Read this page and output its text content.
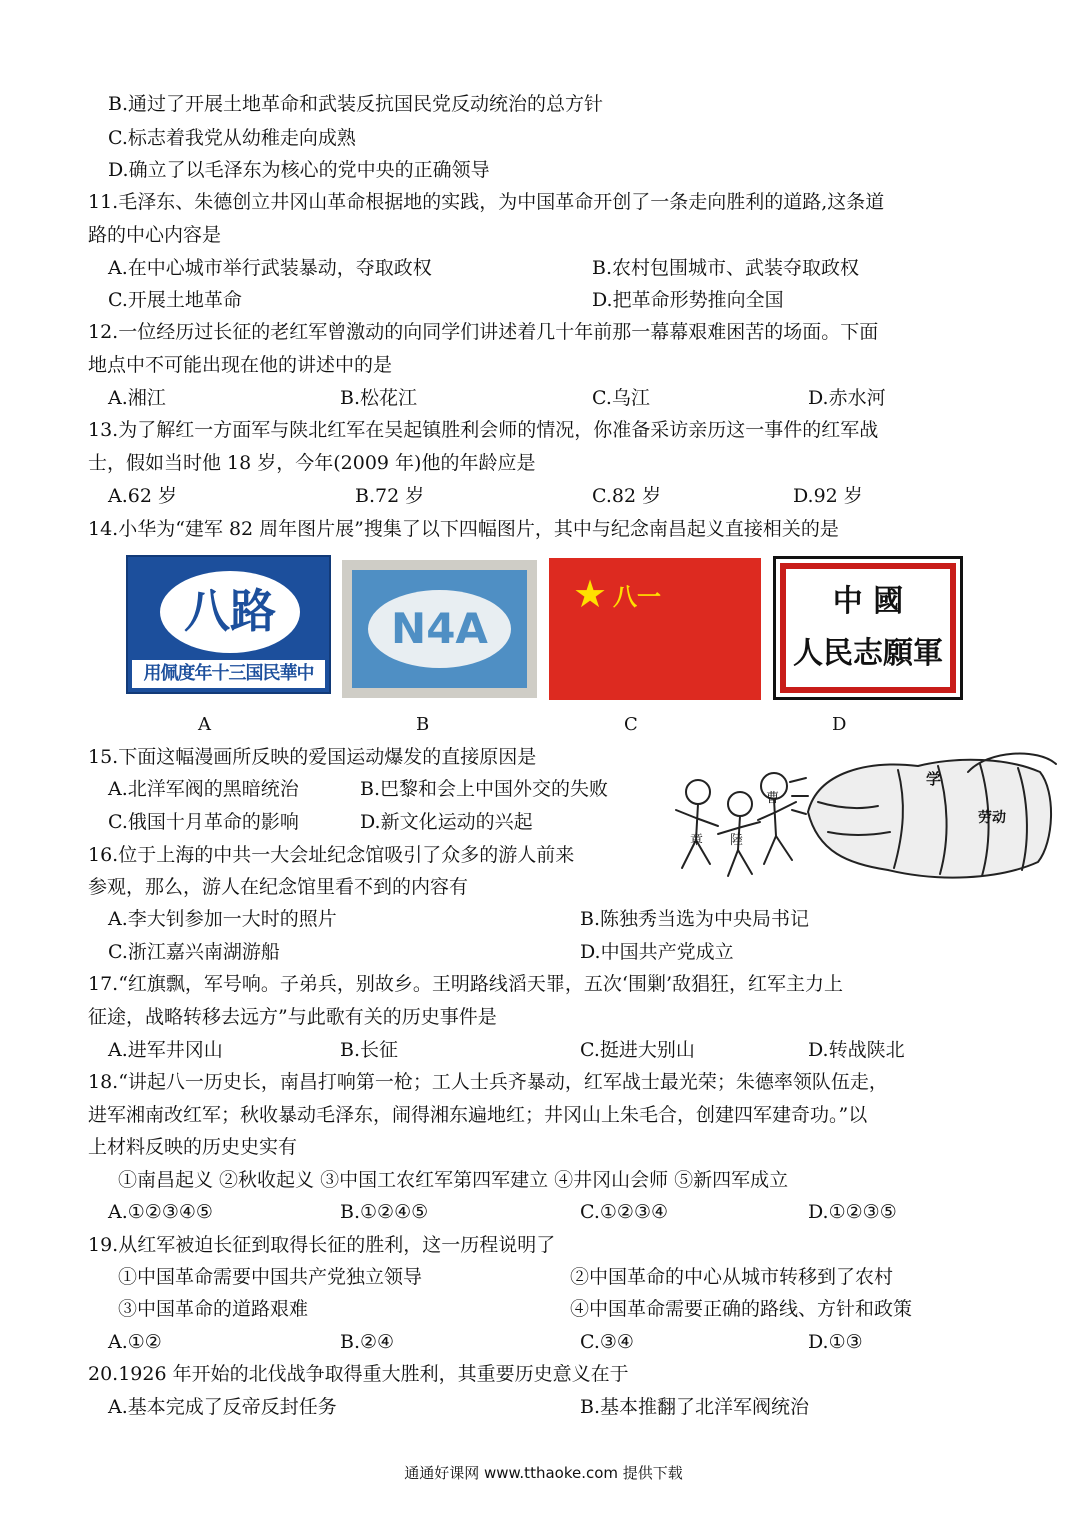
B.通过了开展土地革命和武装反抗国民党反动统治的总方针
C.标志着我党从幼稚走向成熟
D.确立了以毛泽东为核心的党中央的正确领导
11.毛泽东、朱德创立井冈山革命根据地的实践，为中国革命开创了一条走向胜利的道路,这条道
路的中心内容是
A.在中心城市举行武装暴动，夺取政权	B.农村包围城市、武装夺取政权
C.开展土地革命	D.把革命形势推向全国
12.一位经历过长征的老红军曾激动的向同学们讲述着几十年前那一幕幕艰难困苦的场面。下面
地点中不可能出现在他的讲述中的是
A.湘江	B.松花江	C.乌江	D.赤水河
13.为了解红一方面军与陕北红军在吴起镇胜利会师的情况，你准备采访亲历这一事件的红军战
士，假如当时他 18 岁，今年(2009 年)他的年龄应是
A.62 岁	B.72 岁	C.82 岁	D.92 岁
14.小华为“建军 82 周年图片展”搜集了以下四幅图片，其中与纪念南昌起义直接相关的是
八路
用佩度年十三国民華中
N4A
★ 八一	中 國
人民志願軍
A	B	C	D
15.下面这幅漫画所反映的爱国运动爆发的直接原因是
A.北洋军阀的黑暗统治	B.巴黎和会上中国外交的失败
C.俄国十月革命的影响	D.新文化运动的兴起
学
劳动
曹
陸
章
16.位于上海的中共一大会址纪念馆吸引了众多的游人前来
参观，那么，游人在纪念馆里看不到的内容有
A.李大钊参加一大时的照片	B.陈独秀当选为中央局书记
C.浙江嘉兴南湖游船	D.中国共产党成立
17.“红旗飘，军号响。子弟兵，别故乡。王明路线滔天罪，五次‘围剿’敌猖狂，红军主力上
征途，战略转移去远方”与此歌有关的历史事件是
A.进军井冈山	B.长征	C.挺进大别山	D.转战陕北
18.“讲起八一历史长，南昌打响第一枪；工人士兵齐暴动，红军战士最光荣；朱德率领队伍走，
进军湘南改红军；秋收暴动毛泽东，闹得湘东遍地红；井冈山上朱毛合，创建四军建奇功。”以
上材料反映的历史史实有
①南昌起义 ②秋收起义 ③中国工农红军第四军建立 ④井冈山会师 ⑤新四军成立
A.①②③④⑤	B.①②④⑤	C.①②③④	D.①②③⑤
19.从红军被迫长征到取得长征的胜利，这一历程说明了
①中国革命需要中国共产党独立领导	②中国革命的中心从城市转移到了农村
③中国革命的道路艰难	④中国革命需要正确的路线、方针和政策
A.①②	B.②④	C.③④	D.①③
20.1926 年开始的北伐战争取得重大胜利，其重要历史意义在于
A.基本完成了反帝反封任务	B.基本推翻了北洋军阀统治
通通好课网 www.tthaoke.com 提供下载
